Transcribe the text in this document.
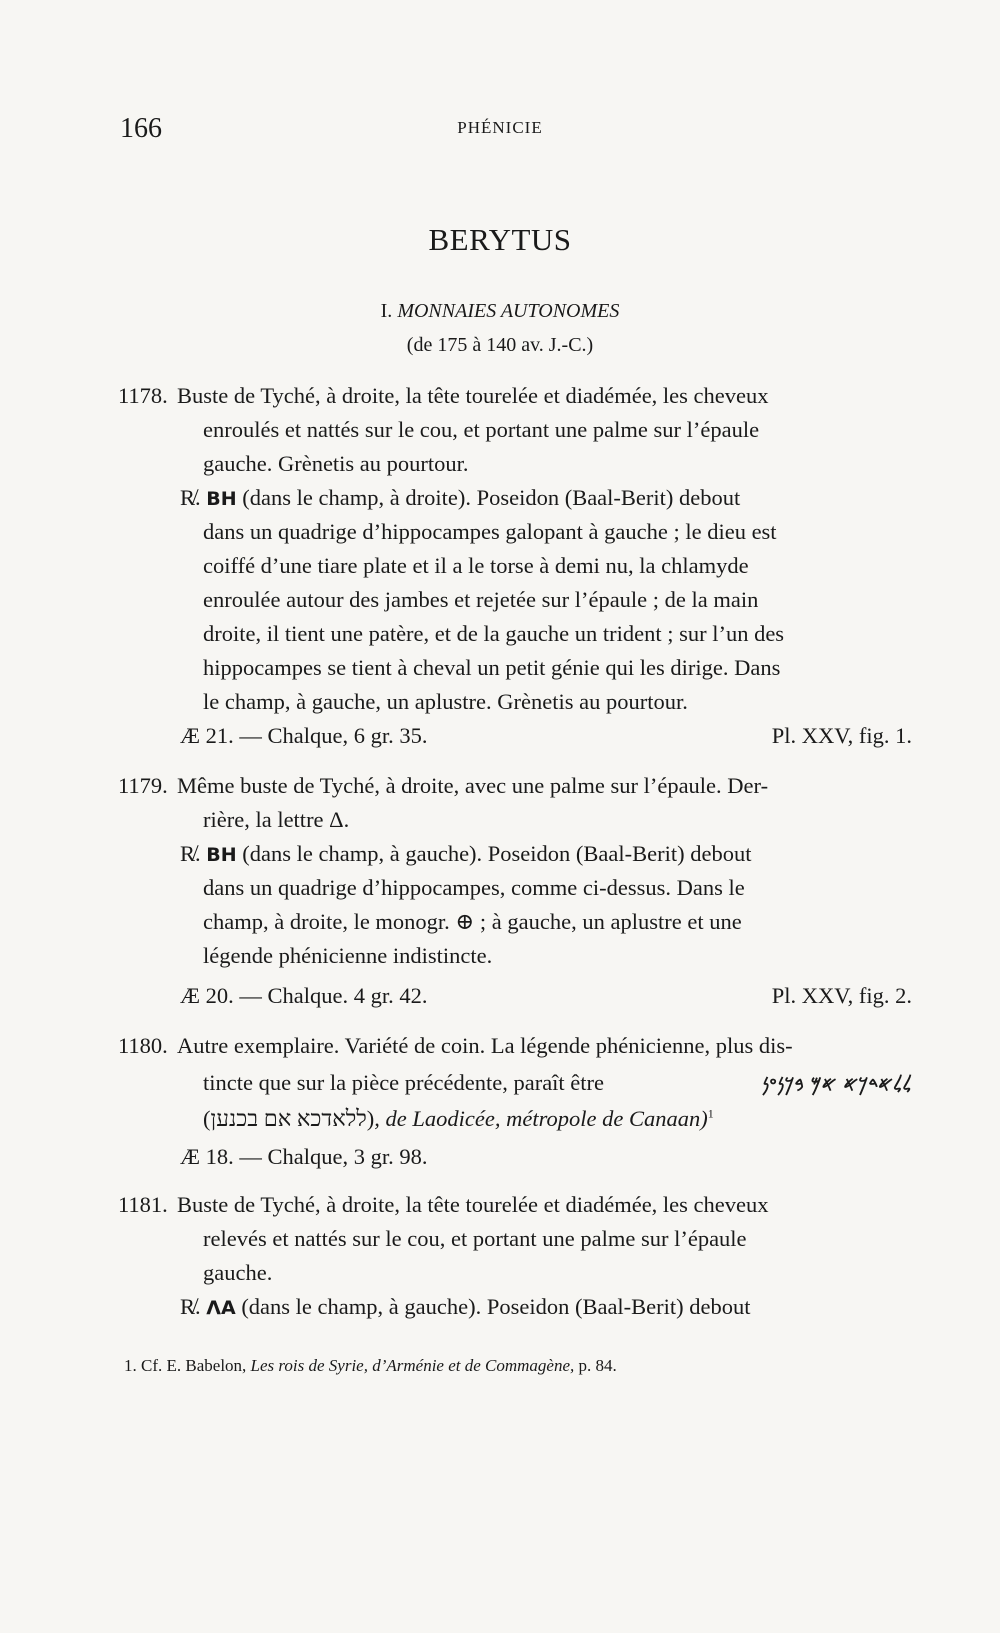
166	PHÉNICIE
BERYTUS
I. MONNAIES AUTONOMES
(de 175 à 140 av. J.-C.)
1178. Buste de Tyché, à droite, la tête tourelée et diadémée, les cheveux
enroulés et nattés sur le cou, et portant une palme sur l’épaule
gauche. Grènetis au pourtour.
R̸. BH (dans le champ, à droite). Poseidon (Baal-Berit) debout
dans un quadrige d’hippocampes galopant à gauche ; le dieu est
coiffé d’une tiare plate et il a le torse à demi nu, la chlamyde
enroulée autour des jambes et rejetée sur l’épaule ; de la main
droite, il tient une patère, et de la gauche un trident ; sur l’un des
hippocampes se tient à cheval un petit génie qui les dirige. Dans
le champ, à gauche, un aplustre. Grènetis au pourtour.
Æ 21. — Chalque, 6 gr. 35.	Pl. XXV, fig. 1.
1179. Même buste de Tyché, à droite, avec une palme sur l’épaule. Der-
rière, la lettre Δ.
R̸. BH (dans le champ, à gauche). Poseidon (Baal-Berit) debout
dans un quadrige d’hippocampes, comme ci-dessus. Dans le
champ, à droite, le monogr. ⊕ ; à gauche, un aplustre et une
légende phénicienne indistincte.
Æ 20. — Chalque. 4 gr. 42.	Pl. XXV, fig. 2.
1180. Autre exemplaire. Variété de coin. La légende phénicienne, plus dis-
tincte que sur la pièce précédente, paraît être	𐤋𐤋𐤀𐤃𐤊𐤀 𐤀𐤌 𐤁𐤊𐤍𐤏𐤍
(ללאדכא אם בכנען), de Laodicée, métropole de Canaan)$^1$
Æ 18. — Chalque, 3 gr. 98.
1181. Buste de Tyché, à droite, la tête tourelée et diadémée, les cheveux
relevés et nattés sur le cou, et portant une palme sur l’épaule
gauche.
R̸. ΛA (dans le champ, à gauche). Poseidon (Baal-Berit) debout
1. Cf. E. Babelon, Les rois de Syrie, d’Arménie et de Commagène, p. 84.
